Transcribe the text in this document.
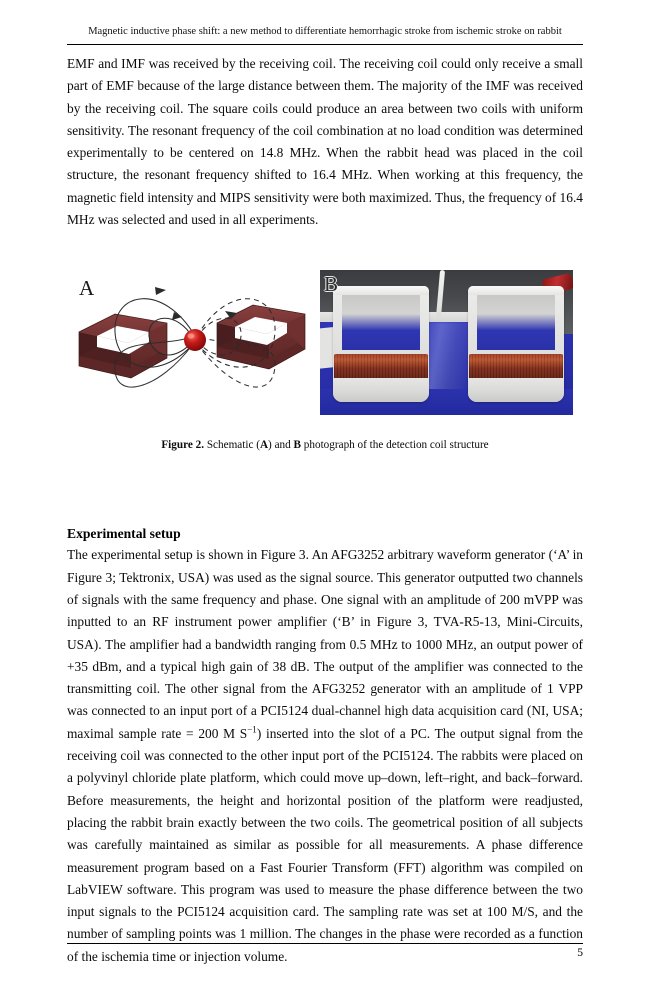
Magnetic inductive phase shift: a new method to differentiate hemorrhagic stroke from ischemic stroke on rabbit

EMF and IMF was received by the receiving coil. The receiving coil could only receive a small part of EMF because of the large distance between them. The majority of the IMF was received by the receiving coil. The square coils could produce an area between two coils with uniform sensitivity. The resonant frequency of the coil combination at no load condition was determined experimentally to be centered on 14.8 MHz. When the rabbit head was placed in the coil structure, the resonant frequency shifted to 16.4 MHz. When working at this frequency, the magnetic field intensity and MIPS sensitivity were both maximized. Thus, the frequency of 16.4 MHz was selected and used in all experiments.

A	B
Figure 2. Schematic (A) and B photograph of the detection coil structure
Experimental setup

The experimental setup is shown in Figure 3. An AFG3252 arbitrary waveform generator (‘A’ in Figure 3; Tektronix, USA) was used as the signal source. This generator outputted two channels of signals with the same frequency and phase. One signal with an amplitude of 200 mVPP was inputted to an RF instrument power amplifier (‘B’ in Figure 3, TVA-R5-13, Mini-Circuits, USA). The amplifier had a bandwidth ranging from 0.5 MHz to 1000 MHz, an output power of +35 dBm, and a typical high gain of 38 dB. The output of the amplifier was connected to the transmitting coil. The other signal from the AFG3252 generator with an amplitude of 1 VPP was connected to an input port of a PCI5124 dual-channel high data acquisition card (NI, USA; maximal sample rate = 200 M $S^{-1}$) inserted into the slot of a PC. The output signal from the receiving coil was connected to the other input port of the PCI5124. The rabbits were placed on a polyvinyl chloride plate platform, which could move up–down, left–right, and back–forward. Before measurements, the height and horizontal position of the platform were readjusted, placing the rabbit brain exactly between the two coils. The geometrical position of all subjects was carefully maintained as similar as possible for all measurements. A phase difference measurement program based on a Fast Fourier Transform (FFT) algorithm was compiled on LabVIEW software. This program was used to measure the phase difference between the two input signals to the PCI5124 acquisition card. The sampling rate was set at 100 M/S, and the number of sampling points was 1 million. The changes in the phase were recorded as a function of the ischemia time or injection volume.	5
